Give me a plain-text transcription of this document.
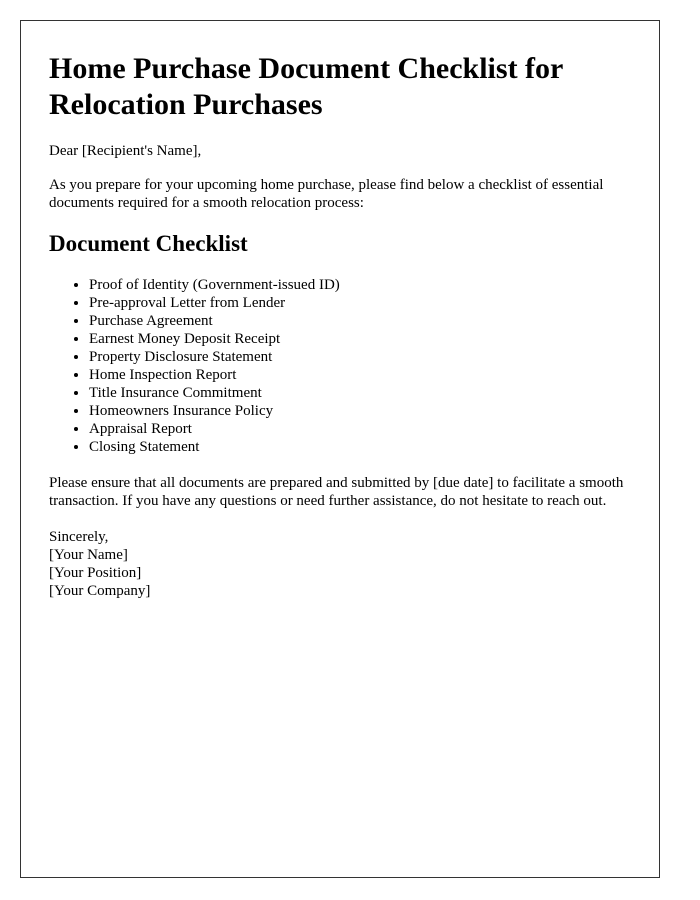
Home Purchase Document Checklist for Relocation Purchases

Dear [Recipient's Name],

As you prepare for your upcoming home purchase, please find below a checklist of essential documents required for a smooth relocation process:

Document Checklist
• Proof of Identity (Government-issued ID)
• Pre-approval Letter from Lender
• Purchase Agreement
• Earnest Money Deposit Receipt
• Property Disclosure Statement
• Home Inspection Report
• Title Insurance Commitment
• Homeowners Insurance Policy
• Appraisal Report
• Closing Statement

Please ensure that all documents are prepared and submitted by [due date] to facilitate a smooth transaction. If you have any questions or need further assistance, do not hesitate to reach out.

Sincerely,
[Your Name]
[Your Position]
[Your Company]
